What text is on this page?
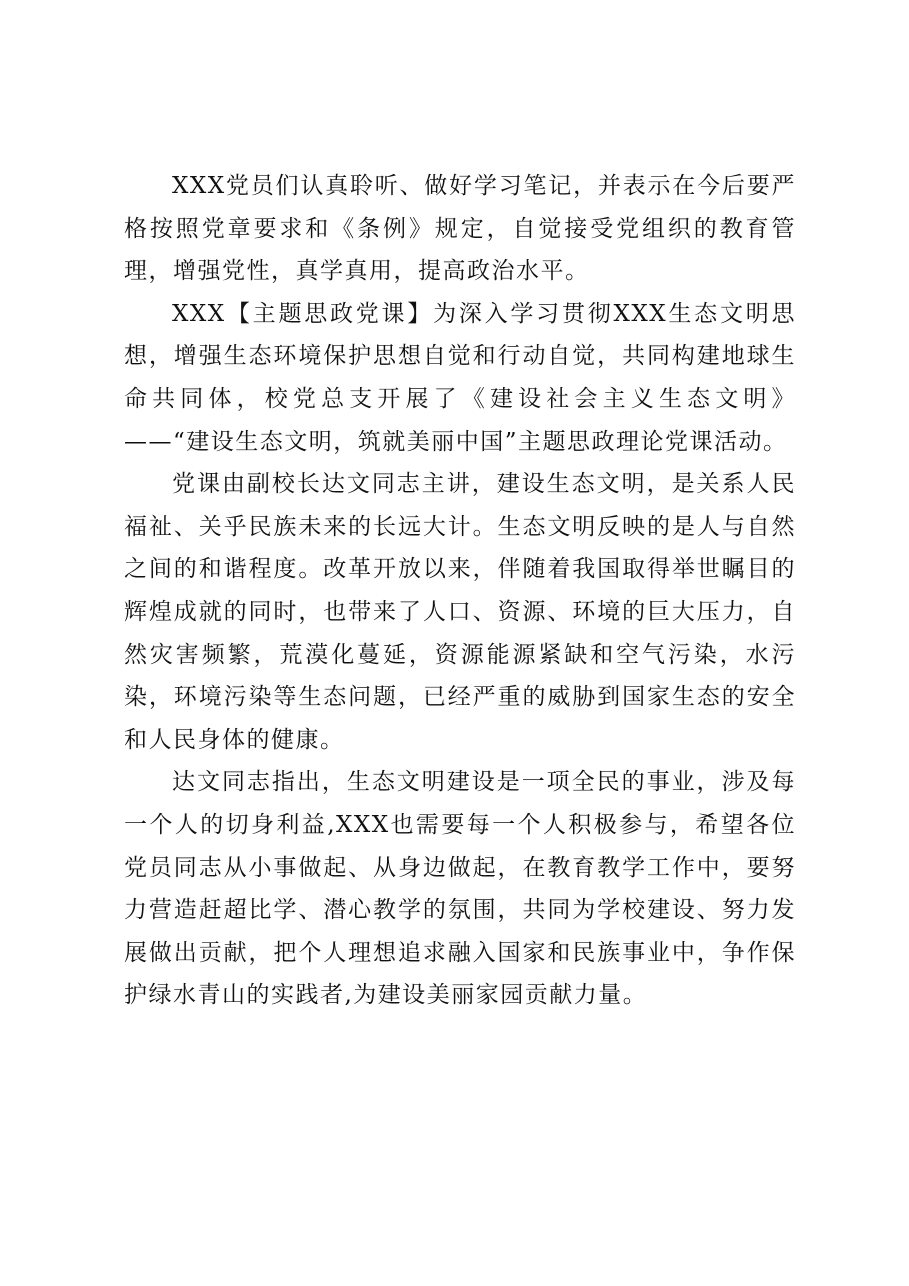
XXX党员们认真聆听、做好学习笔记，并表示在今后要严格按照党章要求和《条例》规定，自觉接受党组织的教育管理，增强党性，真学真用，提高政治水平。

XXX【主题思政党课】为深入学习贯彻XXX生态文明思想，增强生态环境保护思想自觉和行动自觉，共同构建地球生命共同体，校党总支开展了《建设社会主义生态文明》——“建设生态文明，筑就美丽中国”主题思政理论党课活动。

党课由副校长达文同志主讲，建设生态文明，是关系人民福祉、关乎民族未来的长远大计。生态文明反映的是人与自然之间的和谐程度。改革开放以来，伴随着我国取得举世瞩目的辉煌成就的同时，也带来了人口、资源、环境的巨大压力，自然灾害频繁，荒漠化蔓延，资源能源紧缺和空气污染，水污染，环境污染等生态问题，已经严重的威胁到国家生态的安全和人民身体的健康。

达文同志指出，生态文明建设是一项全民的事业，涉及每一个人的切身利益,XXX也需要每一个人积极参与，希望各位党员同志从小事做起、从身边做起，在教育教学工作中，要努力营造赶超比学、潜心教学的氛围，共同为学校建设、努力发展做出贡献，把个人理想追求融入国家和民族事业中，争作保护绿水青山的实践者,为建设美丽家园贡献力量。
